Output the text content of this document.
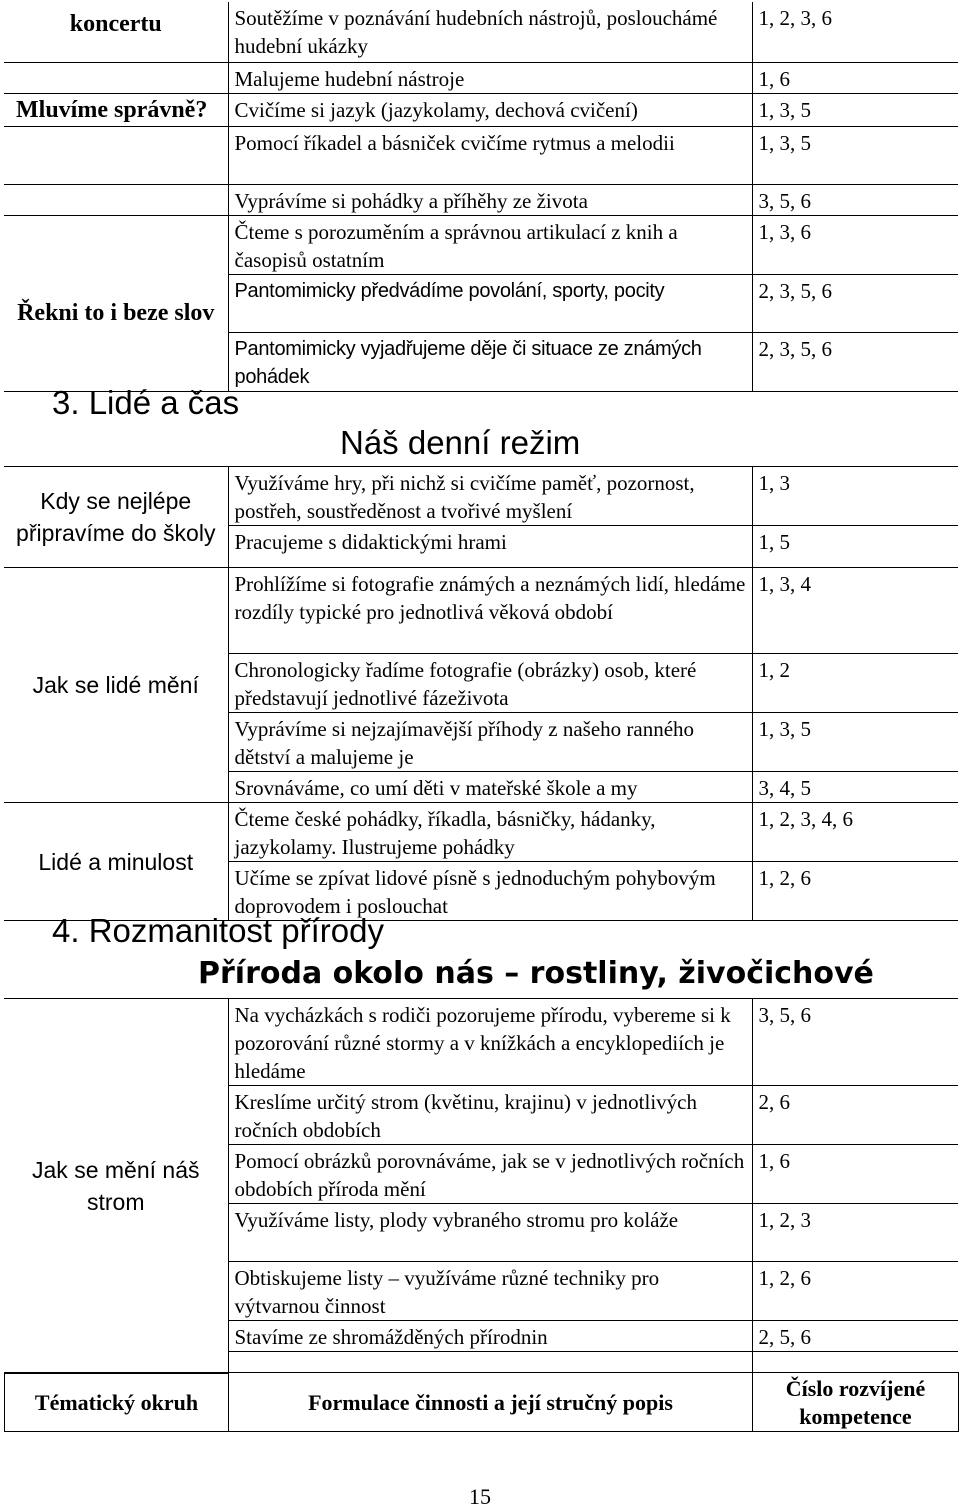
koncertu	Soutěžíme v poznávání hudebních nástrojů, poslouchámé hudební ukázky	1, 2, 3, 6
	Malujeme hudební nástroje	1, 6
Mluvíme správně?	Cvičíme si jazyk (jazykolamy, dechová cvičení)	1, 3, 5
	Pomocí říkadel a básniček cvičíme rytmus a melodii	1, 3, 5
	Vyprávíme si pohádky a příhěhy ze života	3, 5, 6
Řekni to i beze slov	Čteme s porozuměním a správnou artikulací z knih a časopisů ostatním	1, 3, 6
	Pantomimicky předvádíme povolání, sporty, pocity	2, 3, 5, 6
	Pantomimicky vyjadřujeme děje či situace ze známých pohádek	2, 3, 5, 6
3. Lidé a čas
Náš denní režim
Kdy se nejlépe připravíme do školy	Využíváme hry, při nichž si cvičíme paměť, pozornost, postřeh, soustředěnost a tvořivé myšlení	1, 3
	Pracujeme s didaktickými hrami	1, 5
Jak se lidé mění	Prohlížíme si fotografie známých a neznámých lidí, hledáme rozdíly typické pro jednotlivá věková období	1, 3, 4
	Chronologicky řadíme fotografie (obrázky) osob, které představují jednotlivé fázeživota	1, 2
	Vyprávíme si nejzajímavější příhody z našeho ranného dětství a malujeme je	1, 3, 5
	Srovnáváme, co umí děti v mateřské škole a my	3, 4, 5
Lidé a minulost	Čteme české pohádky, říkadla, básničky, hádanky, jazykolamy. Ilustrujeme pohádky	1, 2, 3, 4, 6
	Učíme se zpívat lidové písně s jednoduchým pohybovým doprovodem i poslouchat	1, 2, 6
4. Rozmanitost přírody
Příroda okolo nás – rostliny, živočichové
Jak se mění náš strom	Na vycházkách s rodiči pozorujeme přírodu, vybereme si k pozorování různé stormy a v knížkách a encyklopediích je hledáme	3, 5, 6
	Kreslíme určitý strom (květinu, krajinu) v jednotlivých ročních obdobích	2, 6
	Pomocí obrázků porovnáváme, jak se v jednotlivých ročních obdobích příroda mění	1, 6
	Využíváme listy, plody vybraného stromu pro koláže	1, 2, 3
	Obtiskujeme listy – využíváme různé techniky pro výtvarnou činnost	1, 2, 6
	Stavíme ze shromážděných přírodnin	2, 5, 6

Tématický okruh	Formulace činnosti a její stručný popis	Číslo rozvíjené kompetence
15
